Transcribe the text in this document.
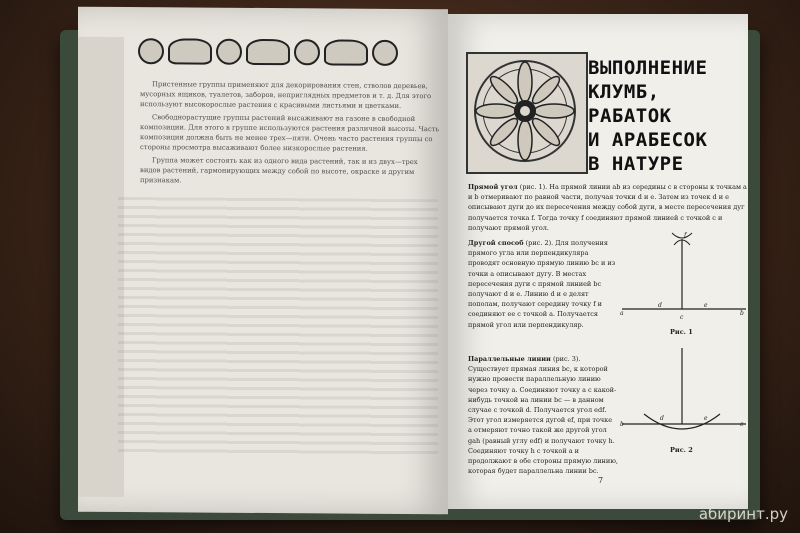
Пристенные группы применяют для декорирования стен, стволов деревьев, мусорных ящиков, туалетов, заборов, неприглядных предметов и т. д. Для этого используют высокорослые растения с красивыми листьями и цветками.

Свободнорастущие группы растений высаживают на газоне в свободной композиции. Для этого в группе используются растения различной высоты. Часть композиции должна быть не менее трех—пяти. Очень часто растения группы со стороны просмотра высаживают более низкорослые растения.

Группа может состоять как из одного вида растений, так и из двух—трех видов растений, гармонирующих между собой по высоте, окраске и другим признакам.

ВЫПОЛНЕНИЕ
КЛУМБ,
РАБАТОК
И АРАБЕСОК
В НАТУРЕ
Прямой угол (рис. 1). На прямой линии ab из середины c в стороны к точкам a и b отмеривают по равной части, получая точки d и e. Затем из точек d и e описывают дуги до их пересечения между собой дуги, в месте пересечения дуг получается точка f. Тогда точку f соединяют прямой линией с точкой c и получают прямой угол.
Другой способ (рис. 2). Для получения прямого угла или перпендикуляра проводят основную прямую линию bc и из точки a описывают дугу. В местах пересечения дуги с прямой линией bc получают d и e. Линию d и e делят пополам, получают середину точку f и соединяют ее с точкой a. Получается прямой угол или перпендикуляр.
Параллельные линии (рис. 3). Существует прямая линия bc, к которой нужно провести параллельную линию через точку a. Соединяют точку a с какой-нибудь точкой на линии bc — в данном случае с точкой d. Получается угол edf. Этот угол измеряется дугой ef, при точке a отмеряют точно такой же другой угол gah (равный углу edf) и получают точку h. Соединяют точку h с точкой a и продолжают в обе стороны прямую линию, которая будет параллельна линии bc.
f
a	b
d	e
c
Рис. 1
b	c
d	e
Рис. 2
7
абиринт.ру
